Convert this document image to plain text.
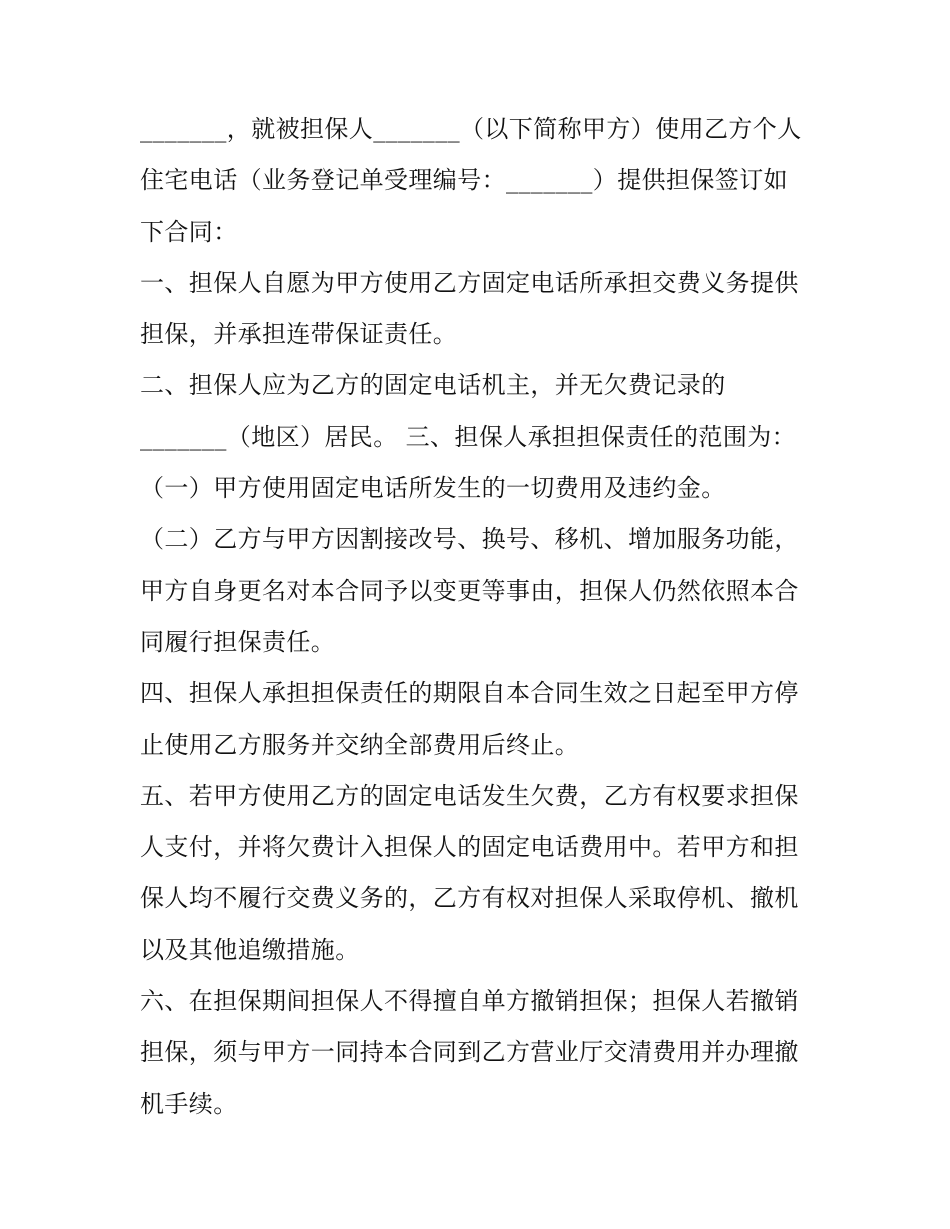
_______，就被担保人_______（以下简称甲方）使用乙方个人
住宅电话（业务登记单受理编号：_______）提供担保签订如
下合同：

一、担保人自愿为甲方使用乙方固定电话所承担交费义务提供
担保，并承担连带保证责任。

二、担保人应为乙方的固定电话机主，并无欠费记录的
_______（地区）居民。 三、担保人承担担保责任的范围为：

（一）甲方使用固定电话所发生的一切费用及违约金。

（二）乙方与甲方因割接改号、换号、移机、增加服务功能，
甲方自身更名对本合同予以变更等事由，担保人仍然依照本合
同履行担保责任。

四、担保人承担担保责任的期限自本合同生效之日起至甲方停
止使用乙方服务并交纳全部费用后终止。

五、若甲方使用乙方的固定电话发生欠费，乙方有权要求担保
人支付，并将欠费计入担保人的固定电话费用中。若甲方和担
保人均不履行交费义务的，乙方有权对担保人采取停机、撤机
以及其他追缴措施。

六、在担保期间担保人不得擅自单方撤销担保；担保人若撤销
担保，须与甲方一同持本合同到乙方营业厅交清费用并办理撤
机手续。
